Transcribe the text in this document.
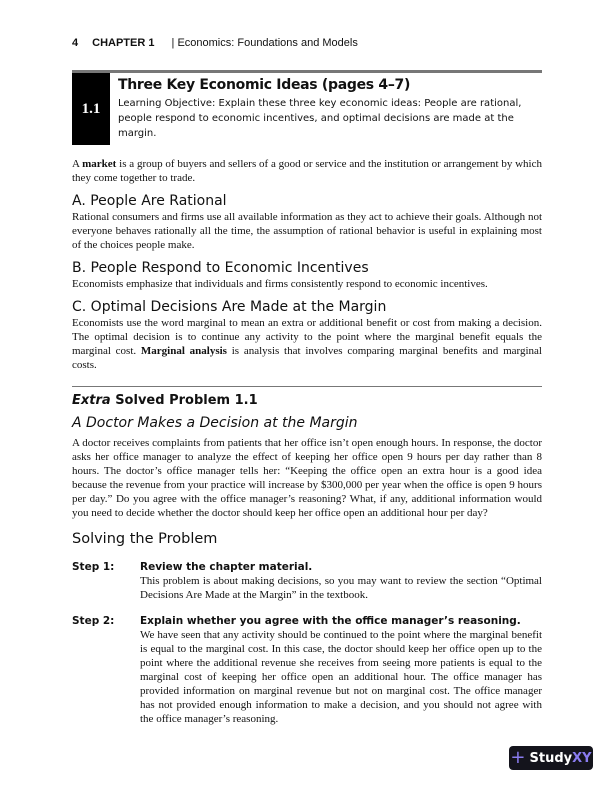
4 CHAPTER 1 | Economics: Foundations and Models
1.1
Three Key Economic Ideas (pages 4–7)
Learning Objective: Explain these three key economic ideas: People are rational, people respond to economic incentives, and optimal decisions are made at the margin.

A market is a group of buyers and sellers of a good or service and the institution or arrangement by which they come together to trade.

A. People Are Rational

Rational consumers and firms use all available information as they act to achieve their goals. Although not everyone behaves rationally all the time, the assumption of rational behavior is useful in explaining most of the choices people make.

B. People Respond to Economic Incentives

Economists emphasize that individuals and firms consistently respond to economic incentives.

C. Optimal Decisions Are Made at the Margin

Economists use the word marginal to mean an extra or additional benefit or cost from making a decision. The optimal decision is to continue any activity to the point where the marginal benefit equals the marginal cost. Marginal analysis is analysis that involves comparing marginal benefits and marginal costs.

Extra Solved Problem 1.1
A Doctor Makes a Decision at the Margin

A doctor receives complaints from patients that her office isn’t open enough hours. In response, the doctor asks her office manager to analyze the effect of keeping her office open 9 hours per day rather than 8 hours. The doctor’s office manager tells her: “Keeping the office open an extra hour is a good idea because the revenue from your practice will increase by $300,000 per year when the office is open 9 hours per day.” Do you agree with the office manager’s reasoning? What, if any, additional information would you need to decide whether the doctor should keep her office open an additional hour per day?

Solving the Problem
Step 1:	Review the chapter material.
This problem is about making decisions, so you may want to review the section “Optimal Decisions Are Made at the Margin” in the textbook.
Step 2:	Explain whether you agree with the office manager’s reasoning.
We have seen that any activity should be continued to the point where the marginal benefit is equal to the marginal cost. In this case, the doctor should keep her office open up to the point where the additional revenue she receives from seeing more patients is equal to the marginal cost of keeping her office open an additional hour. The office manager has provided information on marginal revenue but not on marginal cost. The office manager has not provided enough information to make a decision, and you should not agree with the office manager’s reasoning.
+ StudyXY
